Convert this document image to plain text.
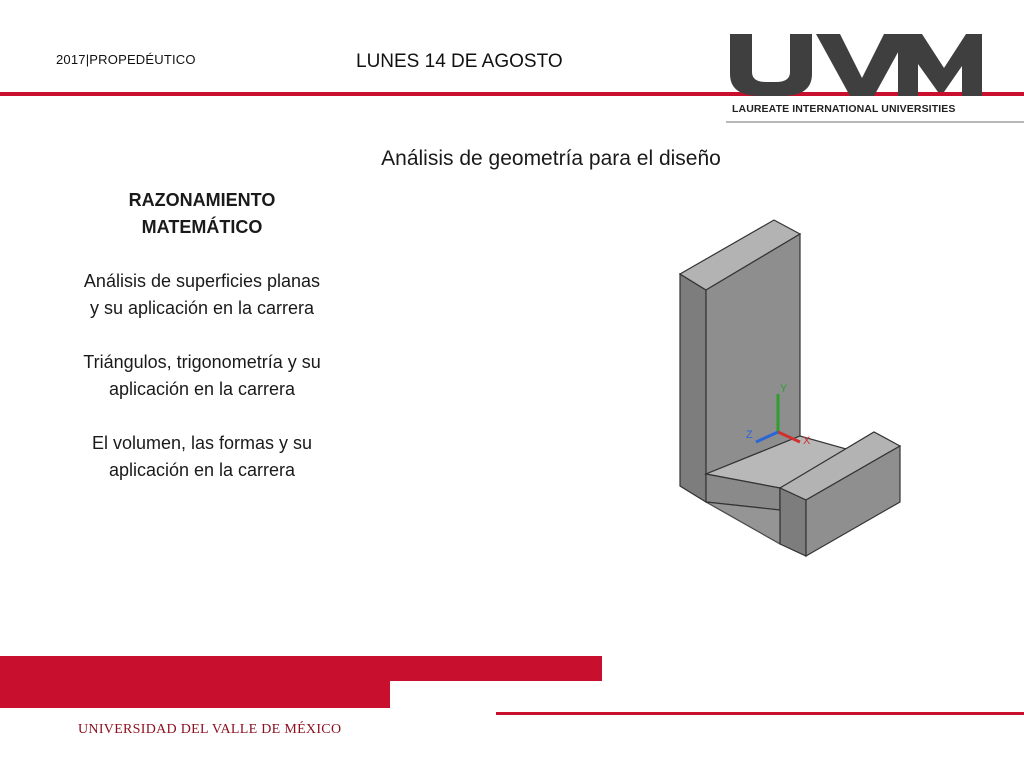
2017|PROPEDÉUTICO	LUNES 14 DE AGOSTO
LAUREATE INTERNATIONAL UNIVERSITIES
Análisis de geometría para el diseño
RAZONAMIENTO
MATEMÁTICO
Análisis de superficies planas y su aplicación en la carrera
Triángulos, trigonometría y su aplicación en la carrera
El volumen, las formas y su aplicación en la carrera
Y
X
Z
UNIVERSIDAD DEL VALLE DE MÉXICO
